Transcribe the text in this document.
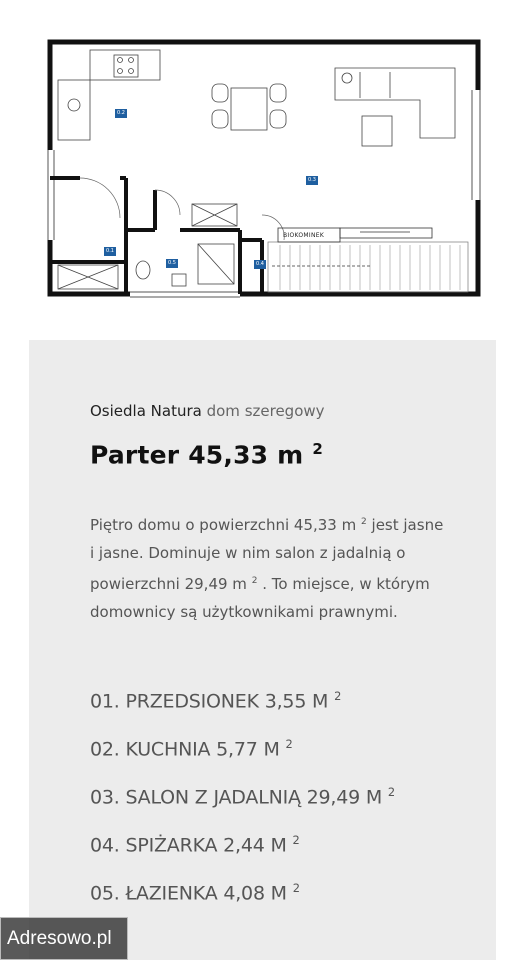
0.2
0.3
0.1
0.5	0.4
BIOKOMINEK
Osiedla Natura dom szeregowy
Parter 45,33 m $^2$
Piętro domu o powierzchni 45,33 m $^2$ jest jasne i jasne. Dominuje w nim salon z jadalnią o powierzchni 29,49 m $^2$ . To miejsce, w którym domownicy są użytkownikami prawnymi.
01. PRZEDSIONEK 3,55 M $^2$
02. KUCHNIA 5,77 M $^2$
03. SALON Z JADALNIĄ 29,49 M $^2$
04. SPIŻARKA 2,44 M $^2$
05. ŁAZIENKA 4,08 M $^2$
Adresowo.pl
